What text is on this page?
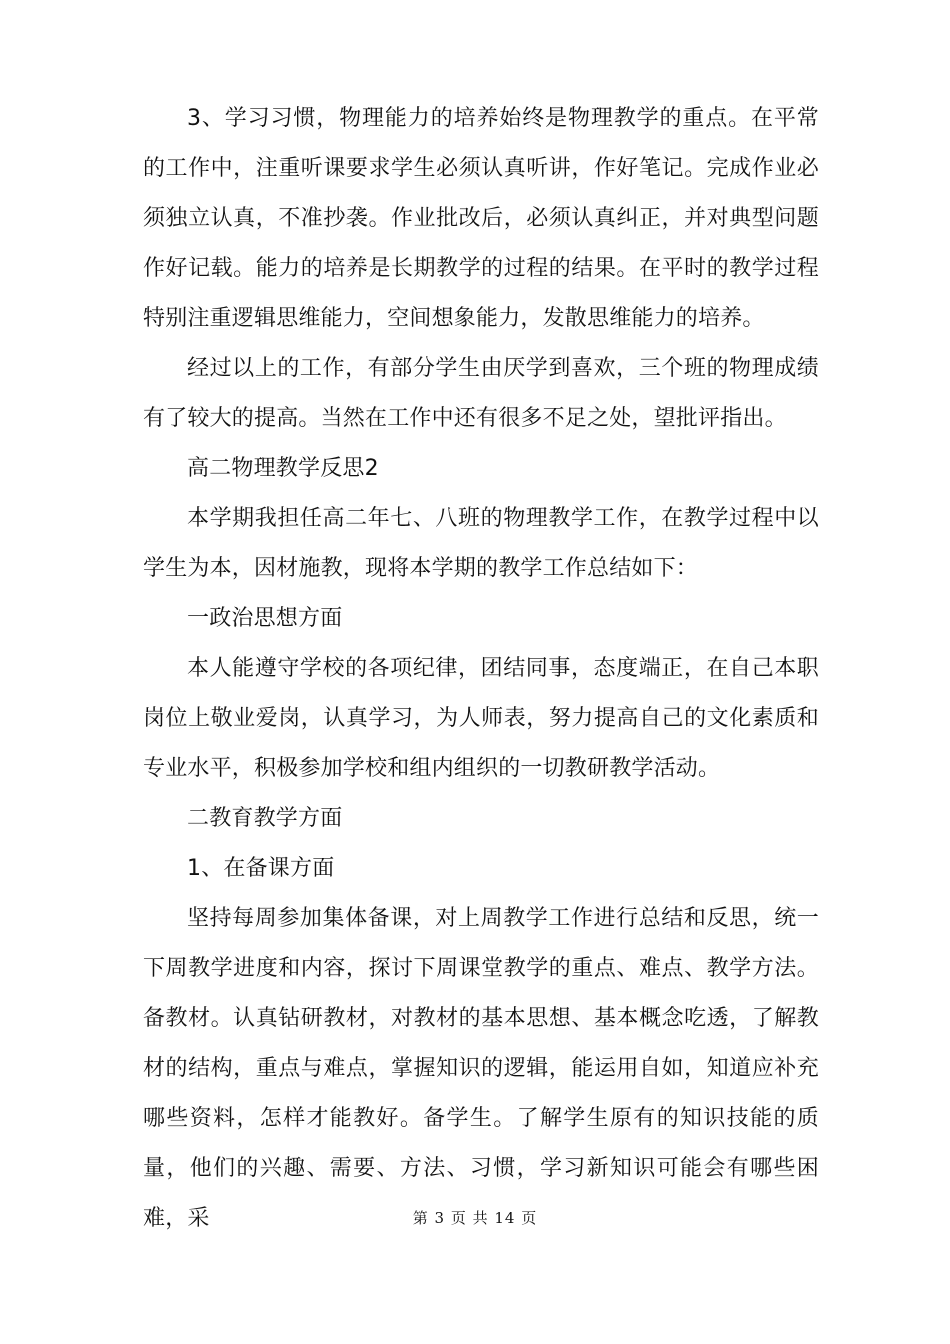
3、学习习惯，物理能力的培养始终是物理教学的重点。在平常的工作中，注重听课要求学生必须认真听讲，作好笔记。完成作业必须独立认真，不准抄袭。作业批改后，必须认真纠正，并对典型问题作好记载。能力的培养是长期教学的过程的结果。在平时的教学过程特别注重逻辑思维能力，空间想象能力，发散思维能力的培养。

经过以上的工作，有部分学生由厌学到喜欢，三个班的物理成绩有了较大的提高。当然在工作中还有很多不足之处，望批评指出。

高二物理教学反思2

本学期我担任高二年七、八班的物理教学工作，在教学过程中以学生为本，因材施教，现将本学期的教学工作总结如下：

一政治思想方面

本人能遵守学校的各项纪律，团结同事，态度端正，在自己本职岗位上敬业爱岗，认真学习，为人师表，努力提高自己的文化素质和专业水平，积极参加学校和组内组织的一切教研教学活动。

二教育教学方面

1、在备课方面

坚持每周参加集体备课，对上周教学工作进行总结和反思，统一下周教学进度和内容，探讨下周课堂教学的重点、难点、教学方法。备教材。认真钻研教材，对教材的基本思想、基本概念吃透，了解教材的结构，重点与难点，掌握知识的逻辑，能运用自如，知道应补充哪些资料，怎样才能教好。备学生。了解学生原有的知识技能的质量，他们的兴趣、需要、方法、习惯，学习新知识可能会有哪些困难，采	第 3 页 共 14 页
